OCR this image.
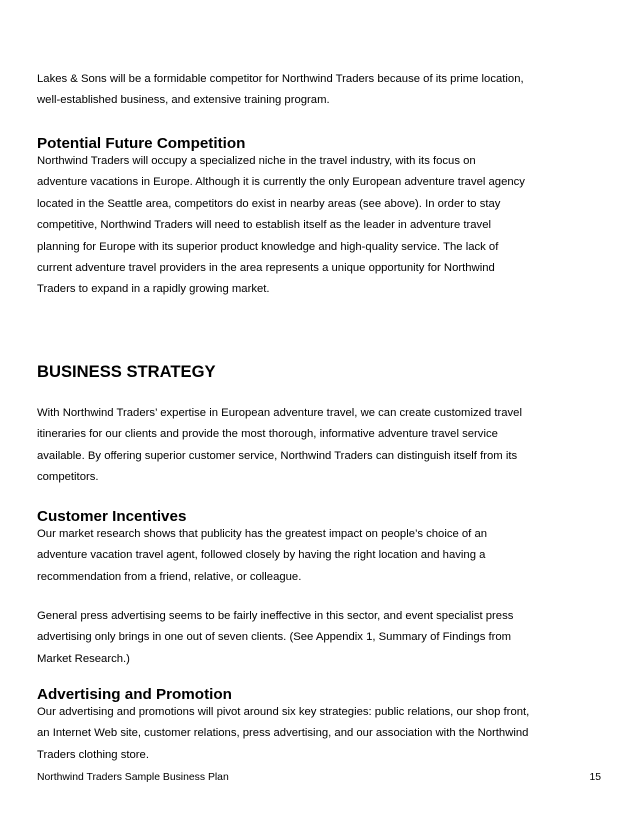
Lakes & Sons will be a formidable competitor for Northwind Traders because of its prime location,
well-established business, and extensive training program.
Potential Future Competition
Northwind Traders will occupy a specialized niche in the travel industry, with its focus on
adventure vacations in Europe. Although it is currently the only European adventure travel agency
located in the Seattle area, competitors do exist in nearby areas (see above). In order to stay
competitive, Northwind Traders will need to establish itself as the leader in adventure travel
planning for Europe with its superior product knowledge and high-quality service. The lack of
current adventure travel providers in the area represents a unique opportunity for Northwind
Traders to expand in a rapidly growing market.
BUSINESS STRATEGY
With Northwind Traders’ expertise in European adventure travel, we can create customized travel
itineraries for our clients and provide the most thorough, informative adventure travel service
available. By offering superior customer service, Northwind Traders can distinguish itself from its
competitors.
Customer Incentives
Our market research shows that publicity has the greatest impact on people’s choice of an
adventure vacation travel agent, followed closely by having the right location and having a
recommendation from a friend, relative, or colleague.
General press advertising seems to be fairly ineffective in this sector, and event specialist press
advertising only brings in one out of seven clients. (See Appendix 1, Summary of Findings from
Market Research.)
Advertising and Promotion
Our advertising and promotions will pivot around six key strategies: public relations, our shop front,
an Internet Web site, customer relations, press advertising, and our association with the Northwind
Traders clothing store.
Northwind Traders Sample Business Plan	15
